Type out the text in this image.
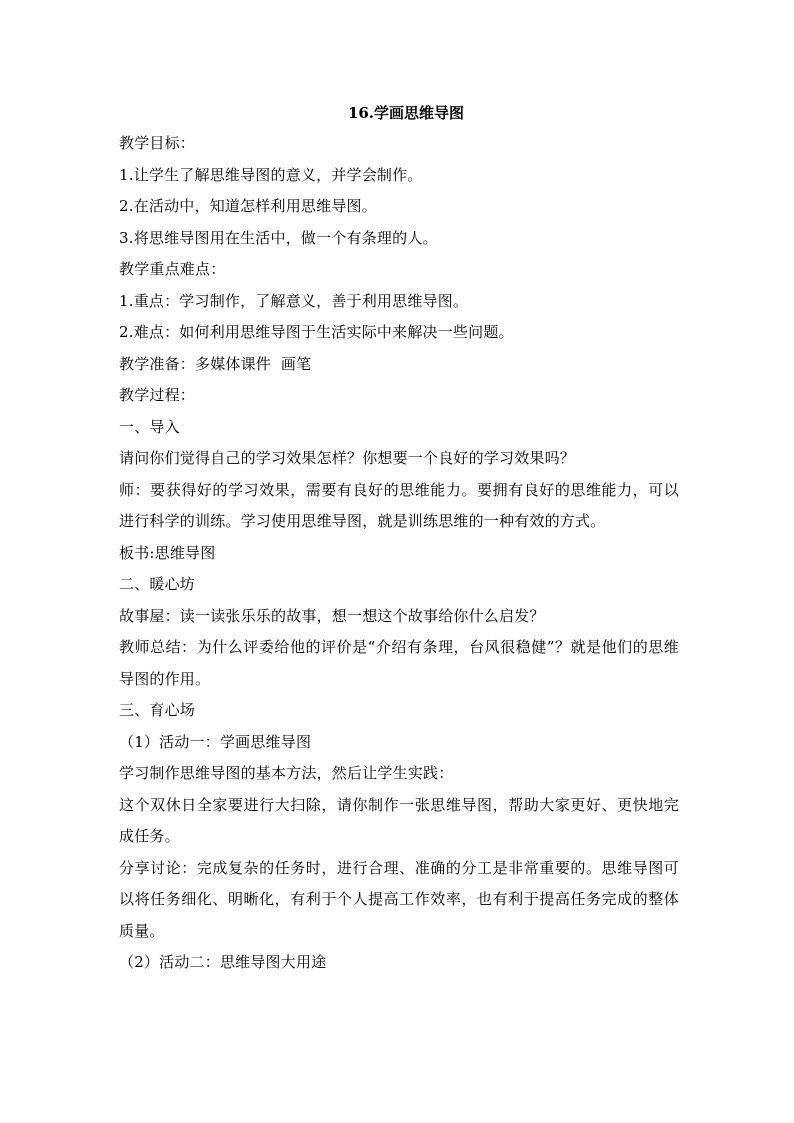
16.学画思维导图

教学目标：

1.让学生了解思维导图的意义，并学会制作。

2.在活动中，知道怎样利用思维导图。

3.将思维导图用在生活中，做一个有条理的人。

教学重点难点：

1.重点：学习制作，了解意义，善于利用思维导图。

2.难点：如何利用思维导图于生活实际中来解决一些问题。

教学准备：多媒体课件  画笔

教学过程：

一、导入

请问你们觉得自己的学习效果怎样？你想要一个良好的学习效果吗？

师：要获得好的学习效果，需要有良好的思维能力。要拥有良好的思维能力，可以进行科学的训练。学习使用思维导图，就是训练思维的一种有效的方式。

板书:思维导图

二、暖心坊

故事屋：读一读张乐乐的故事，想一想这个故事给你什么启发？

教师总结：为什么评委给他的评价是“介绍有条理，台风很稳健”？就是他们的思维导图的作用。

三、育心场

（1）活动一：学画思维导图

学习制作思维导图的基本方法，然后让学生实践：

这个双休日全家要进行大扫除，请你制作一张思维导图，帮助大家更好、更快地完成任务。

分享讨论：完成复杂的任务时，进行合理、准确的分工是非常重要的。思维导图可以将任务细化、明晰化，有利于个人提高工作效率，也有利于提高任务完成的整体质量。

（2）活动二：思维导图大用途
